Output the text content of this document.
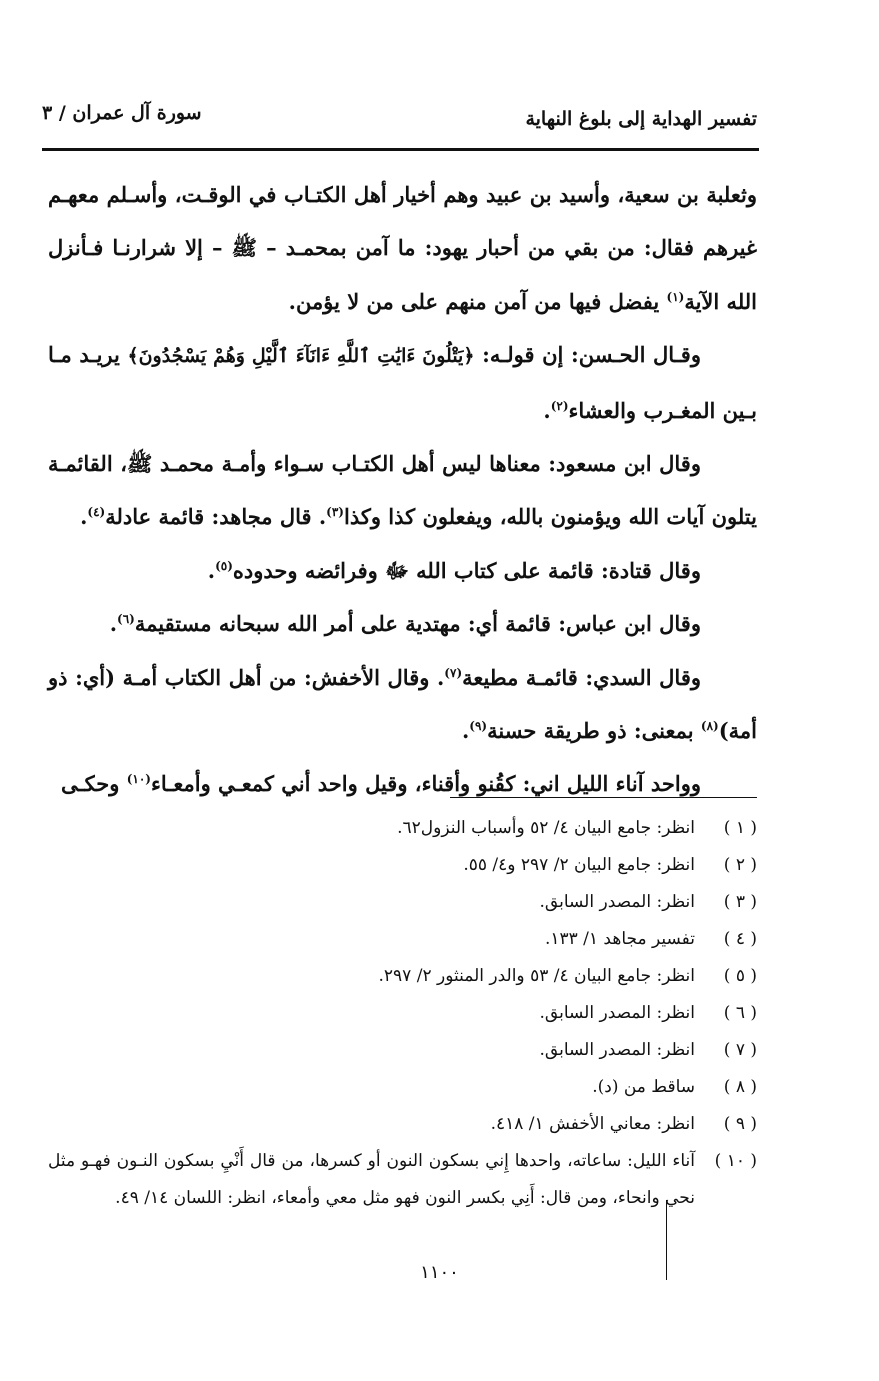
تفسير الهداية إلى بلوغ النهاية
سورة آل عمران / ٣

وثعلبة بن سعية، وأسيد بن عبيد وهم أخيار أهل الكتـاب في الوقـت، وأسـلم معهـم غيرهم فقال: من بقي من أحبار يهود: ما آمن بمحمـد – ﷺ – إلا شرارنـا فـأنزل الله الآية$^{(١)}$ يفضل فيها من آمن منهم على من لا يؤمن.

وقـال الحـسن: إن قولـه: ﴿يَتْلُونَ ءَايَٰتِ ٱللَّهِ ءَانَآءَ ٱلَّيْلِ وَهُمْ يَسْجُدُونَ﴾ يريـد مـا بـين المغـرب والعشاء$^{(٢)}$.

وقال ابن مسعود: معناها ليس أهل الكتـاب سـواء وأمـة محمـد ﷺ، القائمـة يتلون آيات الله ويؤمنون بالله، ويفعلون كذا وكذا$^{(٣)}$. قال مجاهد: قائمة عادلة$^{(٤)}$.

وقال قتادة: قائمة على كتاب الله ﷻ وفرائضه وحدوده$^{(٥)}$.

وقال ابن عباس: قائمة أي: مهتدية على أمر الله سبحانه مستقيمة$^{(٦)}$.

وقال السدي: قائمـة مطيعة$^{(٧)}$. وقال الأخفش: من أهل الكتاب أمـة (أي: ذو أمة)$^{(٨)}$ بمعنى: ذو طريقة حسنة$^{(٩)}$.

وواحد آناء الليل اني: كقُنو وأقناء، وقيل واحد أني كمعـي وأمعـاء$^{(١٠)}$ وحكـى

( ١ )
انظر: جامع البيان ٤/ ٥٢ وأسباب النزول٦٢.
( ٢ )
انظر: جامع البيان ٢/ ٢٩٧ و٤/ ٥٥.
( ٣ )
انظر: المصدر السابق.
( ٤ )
تفسير مجاهد ١/ ١٣٣.
( ٥ )
انظر: جامع البيان ٤/ ٥٣ والدر المنثور ٢/ ٢٩٧.
( ٦ )
انظر: المصدر السابق.
( ٧ )
انظر: المصدر السابق.
( ٨ )
ساقط من (د).
( ٩ )
انظر: معاني الأخفش ١/ ٤١٨.
( ١٠ )
آناء الليل: ساعاته، واحدها إِني بسكون النون أو كسرها، من قال أَنْيِ بسكون النـون فهـو مثل نحي وانحاء، ومن قال: أَنِي بكسر النون فهو مثل معي وأمعاء، انظر: اللسان ١٤/ ٤٩.
١١٠٠
